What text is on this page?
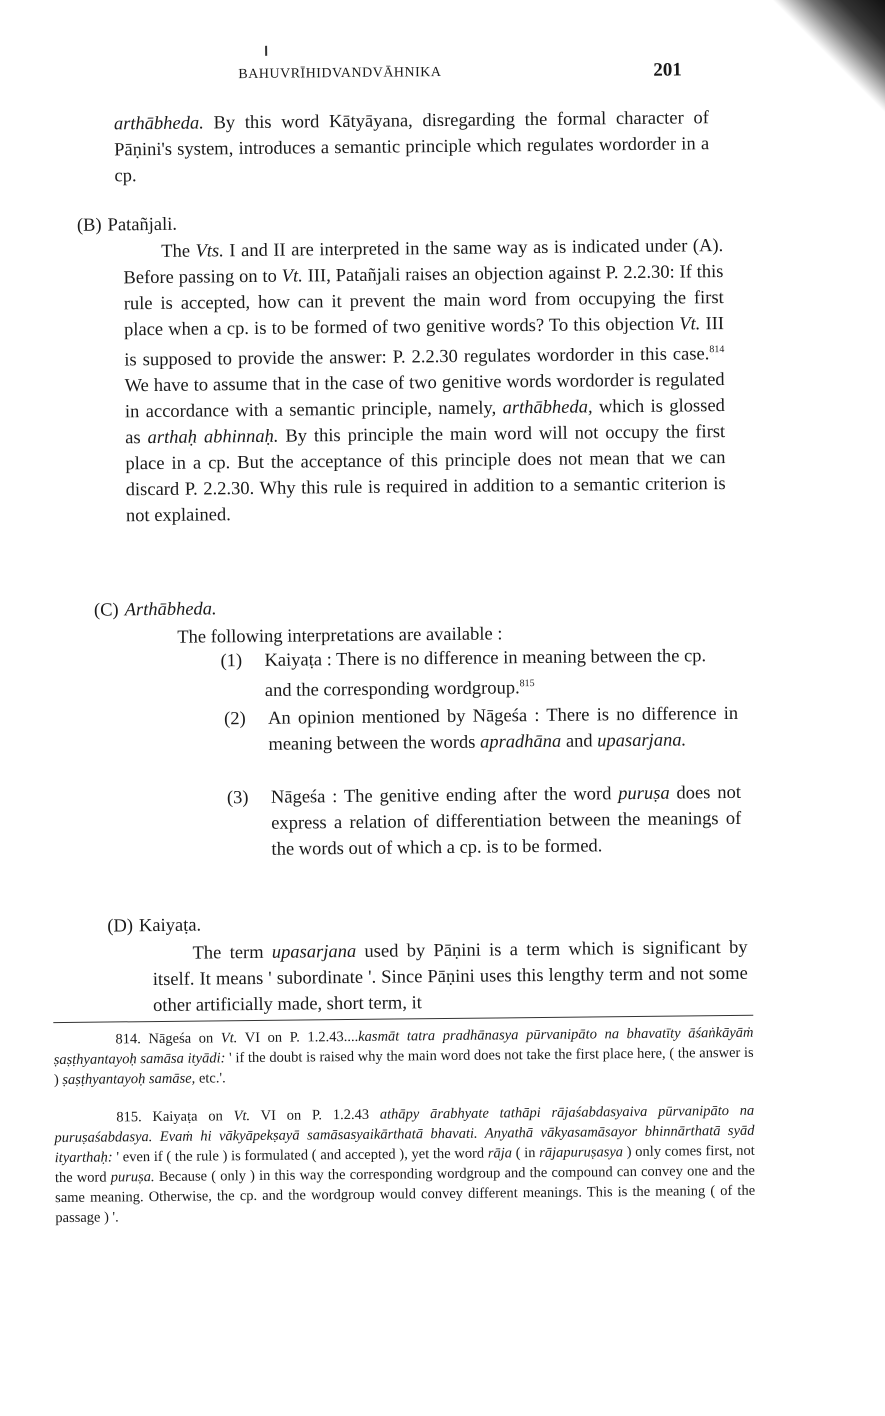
BAHUVRĪHIDVANDVĀHNIKA	201

arthābheda. By this word Kātyāyana, disregarding the formal character of Pāṇini's system, introduces a semantic principle which regulates wordorder in a cp.

(B) Patañjali.

The Vts. I and II are interpreted in the same way as is indicated under (A). Before passing on to Vt. III, Patañjali raises an objection against P. 2.2.30: If this rule is accepted, how can it prevent the main word from occupying the first place when a cp. is to be formed of two genitive words? To this objection Vt. III is supposed to provide the answer: P. 2.2.30 regulates wordorder in this case.$^{814}$ We have to assume that in the case of two genitive words wordorder is regulated in accordance with a semantic principle, namely, arthābheda, which is glossed as arthaḥ abhinnaḥ. By this principle the main word will not occupy the first place in a cp. But the acceptance of this principle does not mean that we can discard P. 2.2.30. Why this rule is required in addition to a semantic criterion is not explained.

(C) Arthābheda.

The following interpretations are available :

(1) Kaiyaṭa : There is no difference in meaning between the cp. and the corresponding wordgroup.$^{815}$
(2) An opinion mentioned by Nāgeśa : There is no difference in meaning between the words apradhāna and upasarjana.
(3) Nāgeśa : The genitive ending after the word puruṣa does not express a relation of differentiation between the meanings of the words out of which a cp. is to be formed.
(D) Kaiyaṭa.

The term upasarjana used by Pāṇini is a term which is significant by itself. It means ' subordinate '. Since Pāṇini uses this lengthy term and not some other artificially made, short term, it

814. Nāgeśa on Vt. VI on P. 1.2.43....kasmāt tatra pradhānasya pūrvanipāto na bhavatīty āśaṅkāyāṁ ṣaṣṭhyantayoḥ samāsa ityādi: ' if the doubt is raised why the main word does not take the first place here, ( the answer is ) ṣaṣṭhyantayoḥ samāse, etc.'.
815. Kaiyaṭa on Vt. VI on P. 1.2.43 athāpy ārabhyate tathāpi rājaśabdasyaiva pūrvanipāto na puruṣaśabdasya. Evaṁ hi vākyāpekṣayā samāsasyaikārthatā bhavati. Anyathā vākyasamāsayor bhinnārthatā syād ityarthaḥ: ' even if ( the rule ) is formulated ( and accepted ), yet the word rāja ( in rājapuruṣasya ) only comes first, not the word puruṣa. Because ( only ) in this way the corresponding wordgroup and the compound can convey one and the same meaning. Otherwise, the cp. and the wordgroup would convey different meanings. This is the meaning ( of the passage ) '.
